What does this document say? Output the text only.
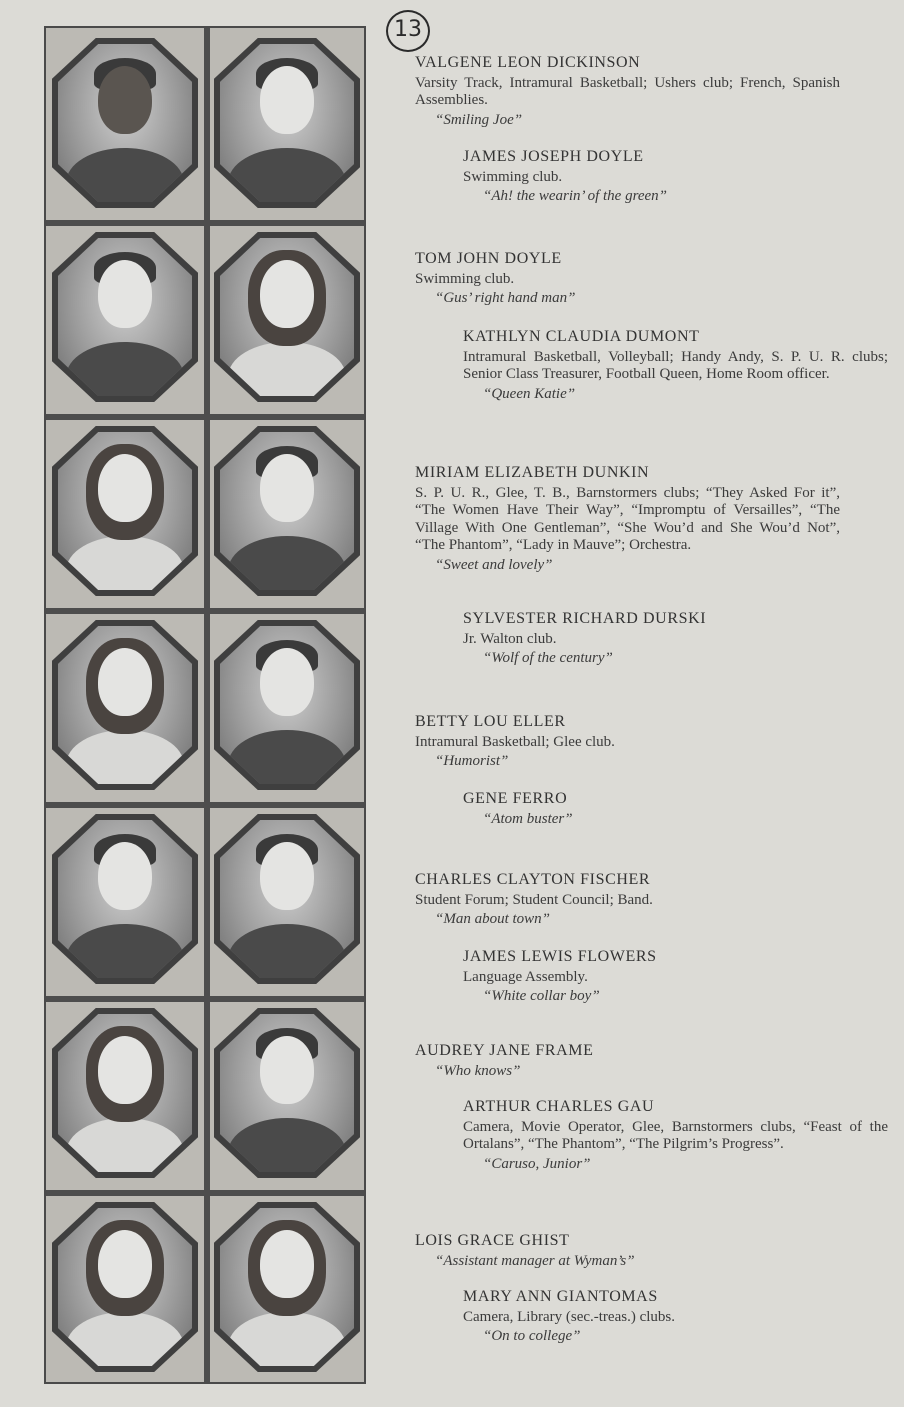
13
VALGENE LEON DICKINSON
Varsity Track, Intramural Basketball; Ushers club; French, Spanish Assemblies.
“Smiling Joe”
JAMES JOSEPH DOYLE
Swimming club.
“Ah! the wearin’ of the green”
TOM JOHN DOYLE
Swimming club.
“Gus’ right hand man”
KATHLYN CLAUDIA DUMONT
Intramural Basketball, Volleyball; Handy Andy, S. P. U. R. clubs; Senior Class Treasurer, Football Queen, Home Room officer.
“Queen Katie”
MIRIAM ELIZABETH DUNKIN
S. P. U. R., Glee, T. B., Barnstormers clubs; “They Asked For it”, “The Women Have Their Way”, “Impromptu of Versailles”, “The Village With One Gentleman”, “She Wou’d and She Wou’d Not”, “The Phantom”, “Lady in Mauve”; Orchestra.
“Sweet and lovely”
SYLVESTER RICHARD DURSKI
Jr. Walton club.
“Wolf of the century”
BETTY LOU ELLER
Intramural Basketball; Glee club.
“Humorist”
GENE FERRO
“Atom buster”
CHARLES CLAYTON FISCHER
Student Forum; Student Council; Band.
“Man about town”
JAMES LEWIS FLOWERS
Language Assembly.
“White collar boy”
AUDREY JANE FRAME
“Who knows”
ARTHUR CHARLES GAU
Camera, Movie Operator, Glee, Barnstormers clubs, “Feast of the Ortalans”, “The Phantom”, “The Pilgrim’s Progress”.
“Caruso, Junior”
LOIS GRACE GHIST
“Assistant manager at Wyman’s”
MARY ANN GIANTOMAS
Camera, Library (sec.-treas.) clubs.
“On to college”
